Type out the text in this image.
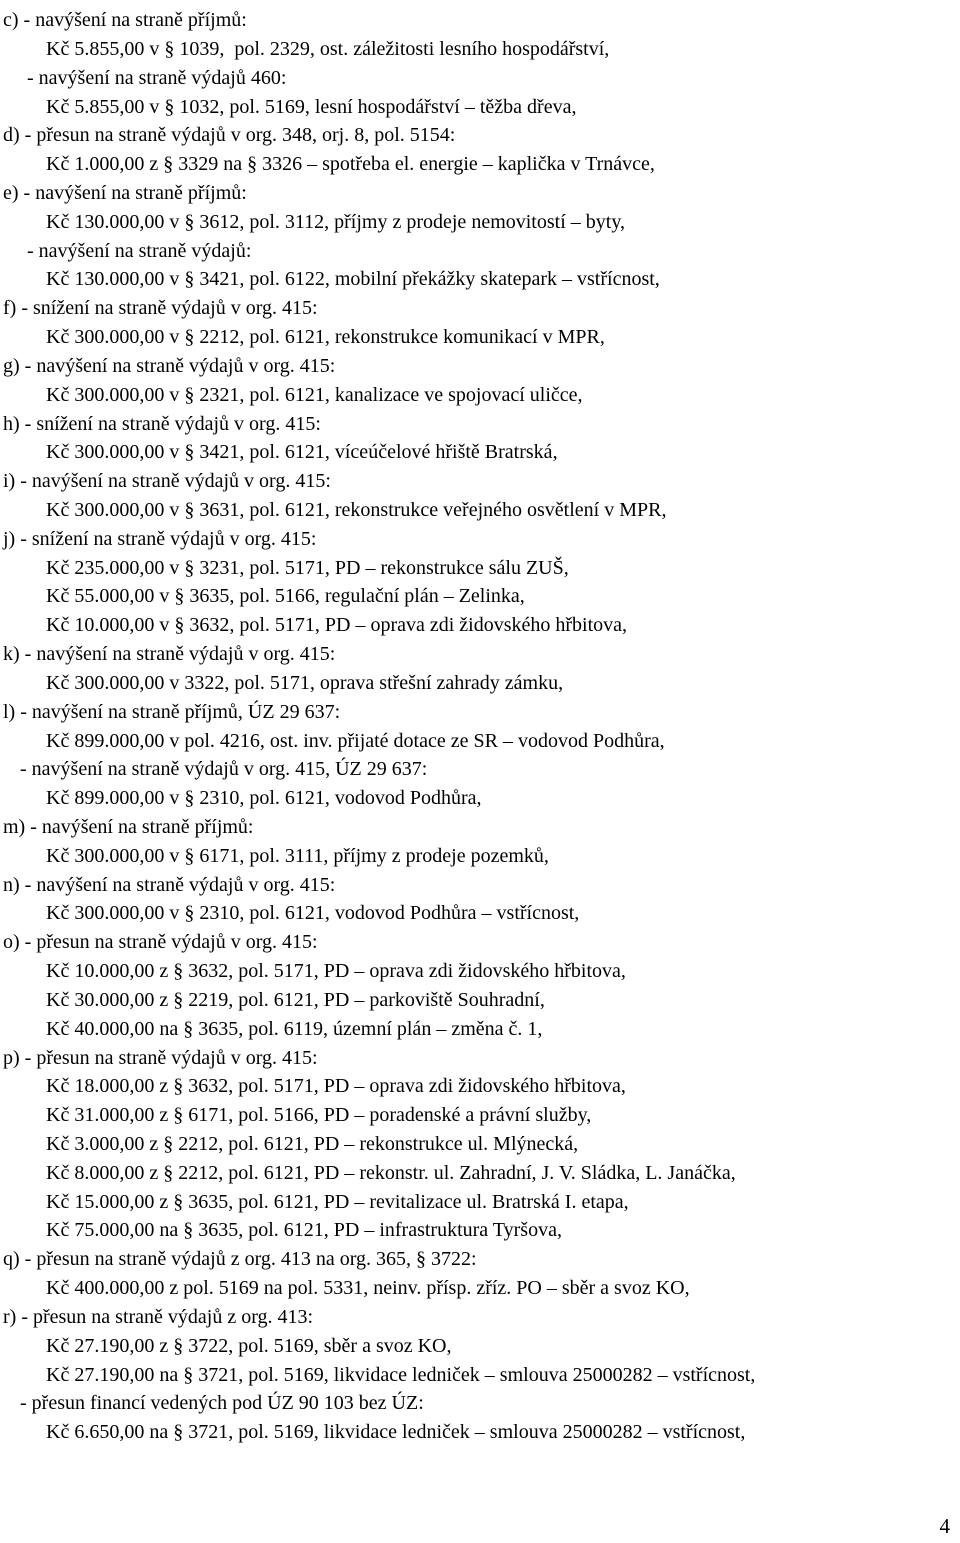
c) - navýšení na straně příjmů:
Kč 5.855,00 v § 1039,  pol. 2329, ost. záležitosti lesního hospodářství,
- navýšení na straně výdajů 460:
Kč 5.855,00 v § 1032, pol. 5169, lesní hospodářství – těžba dřeva,
d) - přesun na straně výdajů v org. 348, orj. 8, pol. 5154:
Kč 1.000,00 z § 3329 na § 3326 – spotřeba el. energie – kaplička v Trnávce,
e) - navýšení na straně příjmů:
Kč 130.000,00 v § 3612, pol. 3112, příjmy z prodeje nemovitostí – byty,
- navýšení na straně výdajů:
Kč 130.000,00 v § 3421, pol. 6122, mobilní překážky skatepark – vstřícnost,
f) - snížení na straně výdajů v org. 415:
Kč 300.000,00 v § 2212, pol. 6121, rekonstrukce komunikací v MPR,
g) - navýšení na straně výdajů v org. 415:
Kč 300.000,00 v § 2321, pol. 6121, kanalizace ve spojovací uličce,
h) - snížení na straně výdajů v org. 415:
Kč 300.000,00 v § 3421, pol. 6121, víceúčelové hřiště Bratrská,
i) - navýšení na straně výdajů v org. 415:
Kč 300.000,00 v § 3631, pol. 6121, rekonstrukce veřejného osvětlení v MPR,
j) - snížení na straně výdajů v org. 415:
Kč 235.000,00 v § 3231, pol. 5171, PD – rekonstrukce sálu ZUŠ,
Kč 55.000,00 v § 3635, pol. 5166, regulační plán – Zelinka,
Kč 10.000,00 v § 3632, pol. 5171, PD – oprava zdi židovského hřbitova,
k) - navýšení na straně výdajů v org. 415:
Kč 300.000,00 v 3322, pol. 5171, oprava střešní zahrady zámku,
l) - navýšení na straně příjmů, ÚZ 29 637:
Kč 899.000,00 v pol. 4216, ost. inv. přijaté dotace ze SR – vodovod Podhůra,
- navýšení na straně výdajů v org. 415, ÚZ 29 637:
Kč 899.000,00 v § 2310, pol. 6121, vodovod Podhůra,
m) - navýšení na straně příjmů:
Kč 300.000,00 v § 6171, pol. 3111, příjmy z prodeje pozemků,
n) - navýšení na straně výdajů v org. 415:
Kč 300.000,00 v § 2310, pol. 6121, vodovod Podhůra – vstřícnost,
o) - přesun na straně výdajů v org. 415:
Kč 10.000,00 z § 3632, pol. 5171, PD – oprava zdi židovského hřbitova,
Kč 30.000,00 z § 2219, pol. 6121, PD – parkoviště Souhradní,
Kč 40.000,00 na § 3635, pol. 6119, územní plán – změna č. 1,
p) - přesun na straně výdajů v org. 415:
Kč 18.000,00 z § 3632, pol. 5171, PD – oprava zdi židovského hřbitova,
Kč 31.000,00 z § 6171, pol. 5166, PD – poradenské a právní služby,
Kč 3.000,00 z § 2212, pol. 6121, PD – rekonstrukce ul. Mlýnecká,
Kč 8.000,00 z § 2212, pol. 6121, PD – rekonstr. ul. Zahradní, J. V. Sládka, L. Janáčka,
Kč 15.000,00 z § 3635, pol. 6121, PD – revitalizace ul. Bratrská I. etapa,
Kč 75.000,00 na § 3635, pol. 6121, PD – infrastruktura Tyršova,
q) - přesun na straně výdajů z org. 413 na org. 365, § 3722:
Kč 400.000,00 z pol. 5169 na pol. 5331, neinv. přísp. zříz. PO – sběr a svoz KO,
r) - přesun na straně výdajů z org. 413:
Kč 27.190,00 z § 3722, pol. 5169, sběr a svoz KO,
Kč 27.190,00 na § 3721, pol. 5169, likvidace ledniček – smlouva 25000282 – vstřícnost,
- přesun financí vedených pod ÚZ 90 103 bez ÚZ:
Kč 6.650,00 na § 3721, pol. 5169, likvidace ledniček – smlouva 25000282 – vstřícnost,
4
